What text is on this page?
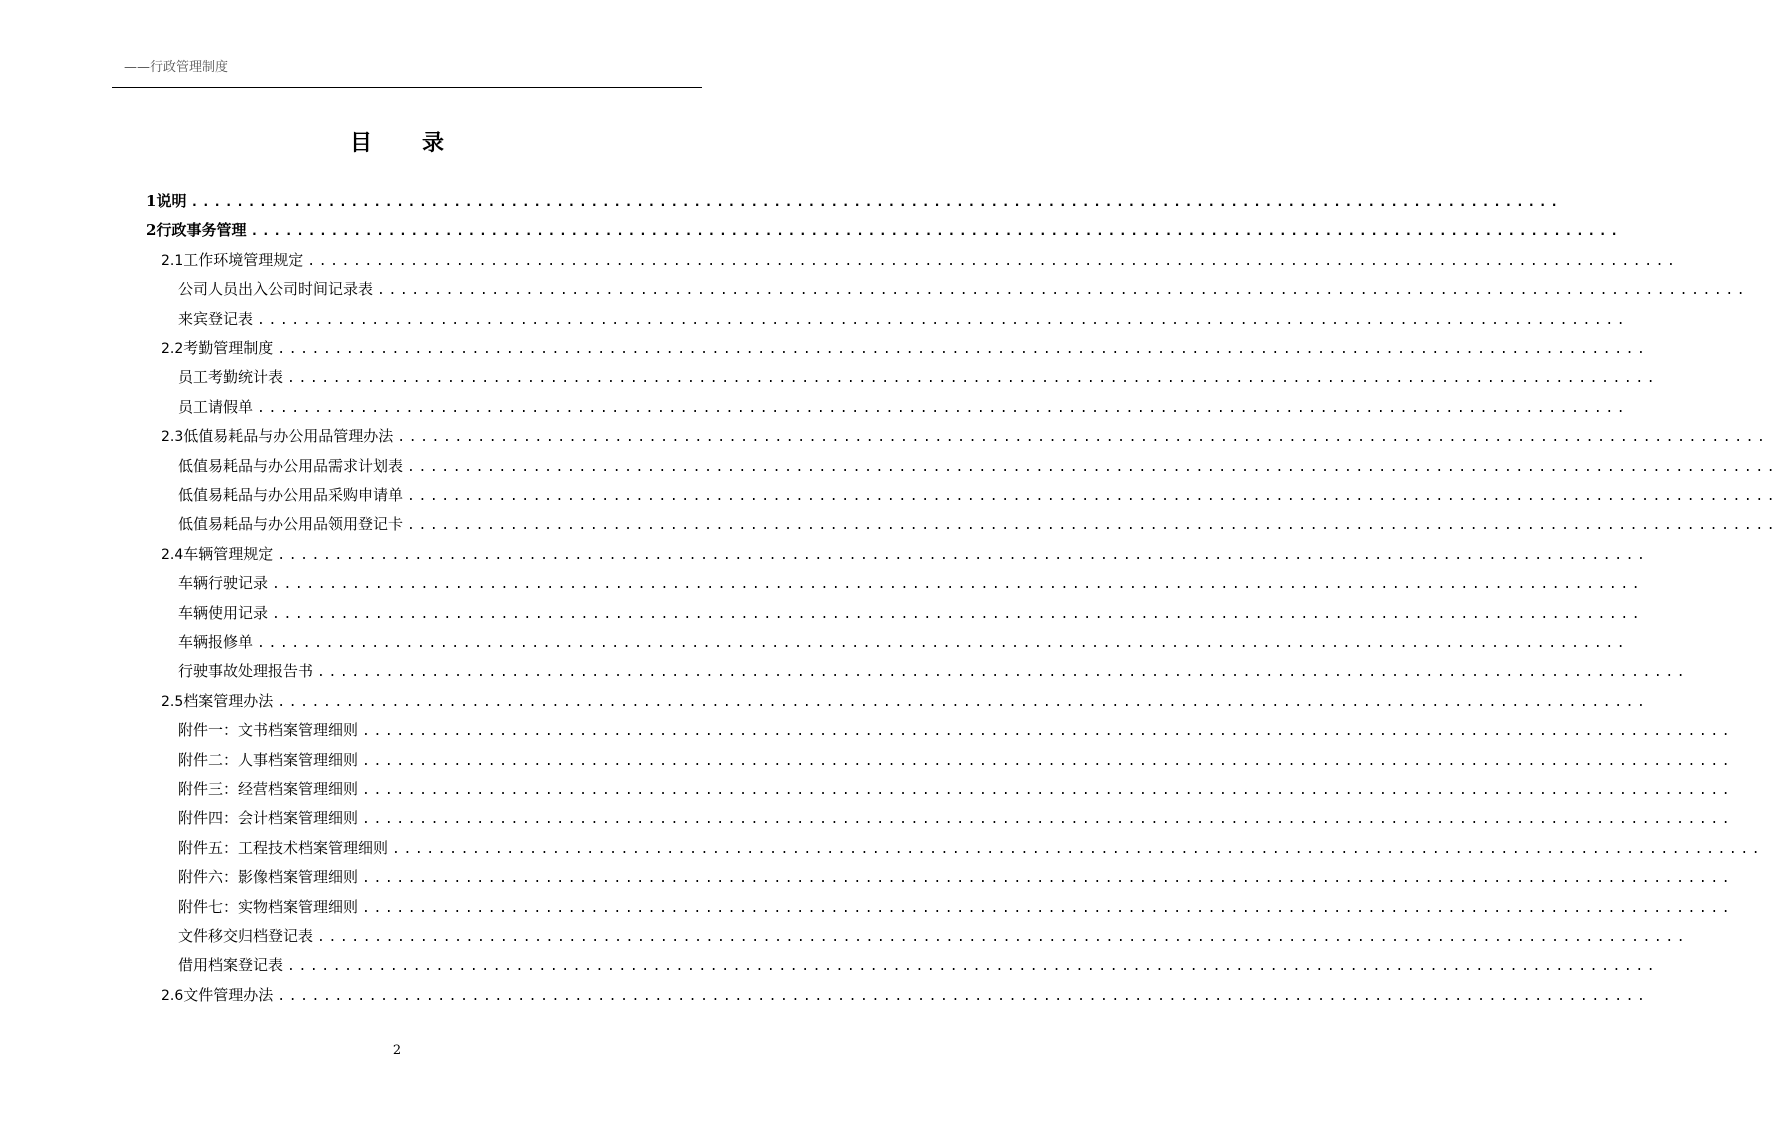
——行政管理制度
目录
1 说明 ........................................................................................................................
2 行政事务管理 ........................................................................................................................
2.1 工作环境管理规定 ........................................................................................................................
公司人员出入公司时间记录表 ........................................................................................................................
来宾登记表 ........................................................................................................................
2.2 考勤管理制度 ........................................................................................................................
员工考勤统计表 ........................................................................................................................
员工请假单 ........................................................................................................................
2.3 低值易耗品与办公用品管理办法 ........................................................................................................................
低值易耗品与办公用品需求计划表 ........................................................................................................................
低值易耗品与办公用品采购申请单 ........................................................................................................................
低值易耗品与办公用品领用登记卡 ........................................................................................................................
2.4 车辆管理规定 ........................................................................................................................
车辆行驶记录 ........................................................................................................................
车辆使用记录 ........................................................................................................................
车辆报修单 ........................................................................................................................
行驶事故处理报告书 ........................................................................................................................
2.5 档案管理办法 ........................................................................................................................
附件一：文书档案管理细则 ........................................................................................................................
附件二：人事档案管理细则 ........................................................................................................................
附件三：经营档案管理细则 ........................................................................................................................
附件四：会计档案管理细则 ........................................................................................................................
附件五：工程技术档案管理细则 ........................................................................................................................
附件六：影像档案管理细则 ........................................................................................................................
附件七：实物档案管理细则 ........................................................................................................................
文件移交归档登记表 ........................................................................................................................
借用档案登记表 ........................................................................................................................
2.6 文件管理办法 ........................................................................................................................
2
